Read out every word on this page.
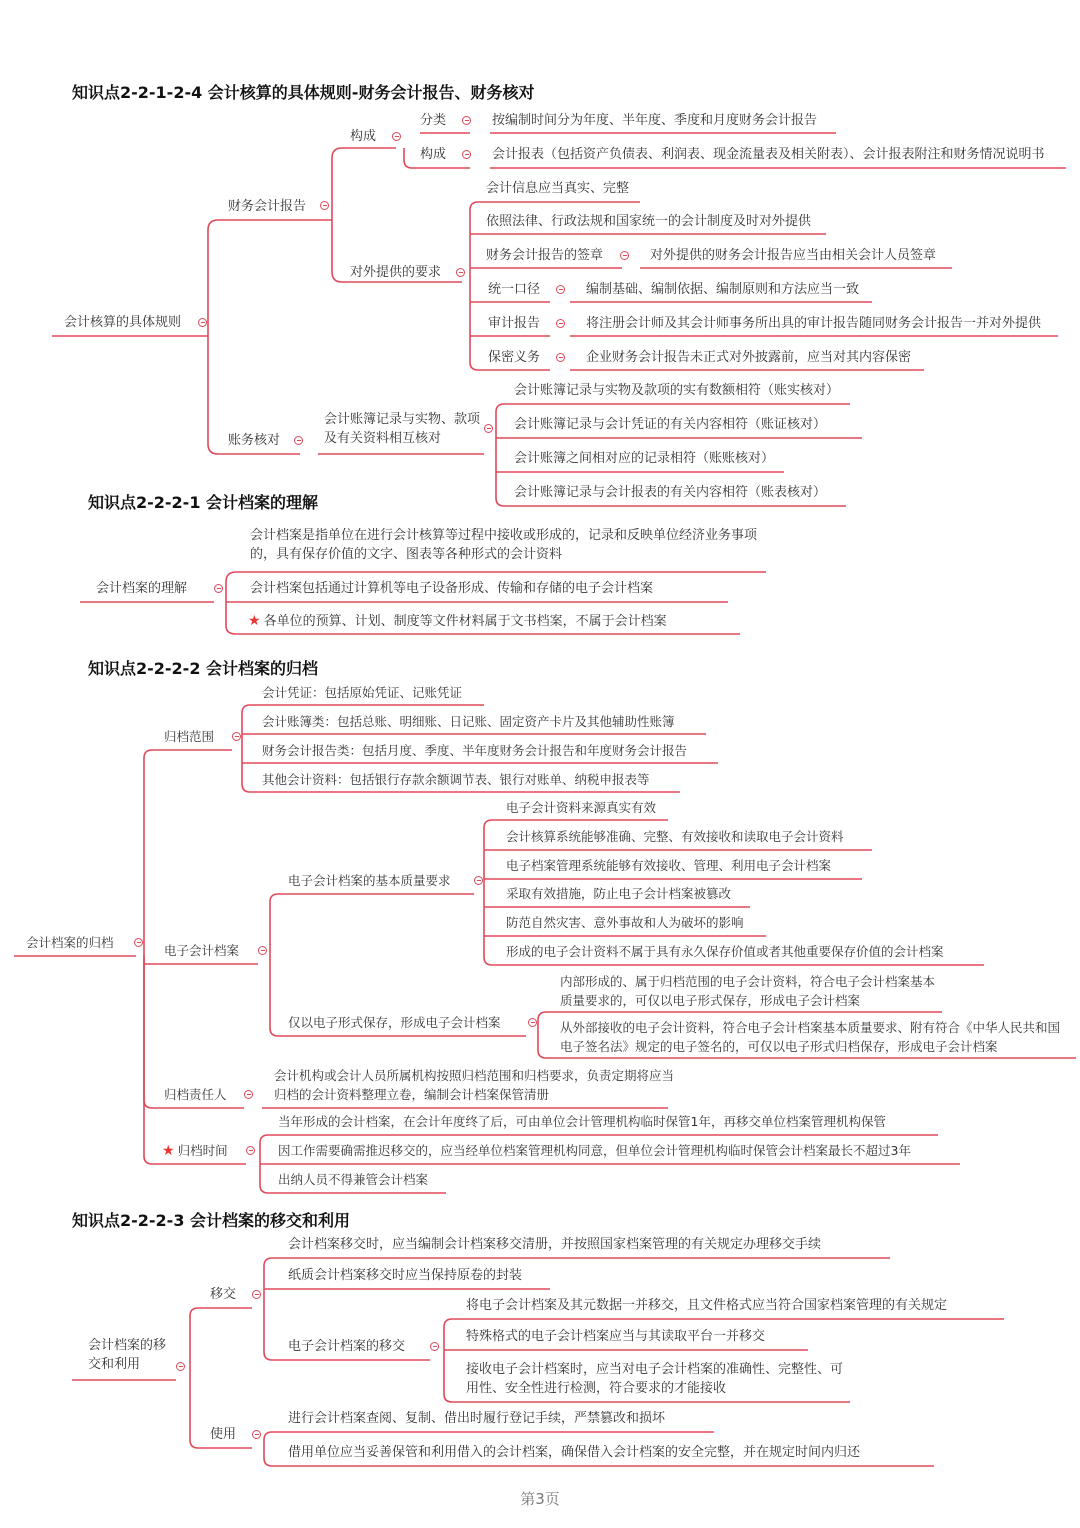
知识点2-2-1-2-4 会计核算的具体规则-财务会计报告、财务核对
会计核算的具体规则
财务会计报告
构成
分类	按编制时间分为年度、半年度、季度和月度财务会计报告
构成	会计报表（包括资产负债表、利润表、现金流量表及相关附表）、会计报表附注和财务情况说明书
对外提供的要求
会计信息应当真实、完整
依照法律、行政法规和国家统一的会计制度及时对外提供
财务会计报告的签章	对外提供的财务会计报告应当由相关会计人员签章
统一口径	编制基础、编制依据、编制原则和方法应当一致
审计报告	将注册会计师及其会计师事务所出具的审计报告随同财务会计报告一并对外提供
保密义务	企业财务会计报告未正式对外披露前，应当对其内容保密
账务核对
会计账簿记录与实物、款项及有关资料相互核对
会计账簿记录与实物及款项的实有数额相符（账实核对）
会计账簿记录与会计凭证的有关内容相符（账证核对）
会计账簿之间相对应的记录相符（账账核对）
会计账簿记录与会计报表的有关内容相符（账表核对）
知识点2-2-2-1 会计档案的理解
会计档案的理解
会计档案是指单位在进行会计核算等过程中接收或形成的，记录和反映单位经济业务事项的，具有保存价值的文字、图表等各种形式的会计资料
会计档案包括通过计算机等电子设备形成、传输和存储的电子会计档案
★ 各单位的预算、计划、制度等文件材料属于文书档案，不属于会计档案
知识点2-2-2-2 会计档案的归档
会计档案的归档
归档范围
会计凭证：包括原始凭证、记账凭证
会计账簿类：包括总账、明细账、日记账、固定资产卡片及其他辅助性账簿
财务会计报告类：包括月度、季度、半年度财务会计报告和年度财务会计报告
其他会计资料：包括银行存款余额调节表、银行对账单、纳税申报表等
电子会计档案
电子会计档案的基本质量要求
电子会计资料来源真实有效
会计核算系统能够准确、完整、有效接收和读取电子会计资料
电子档案管理系统能够有效接收、管理、利用电子会计档案
采取有效措施，防止电子会计档案被篡改
防范自然灾害、意外事故和人为破坏的影响
形成的电子会计资料不属于具有永久保存价值或者其他重要保存价值的会计档案
仅以电子形式保存，形成电子会计档案
内部形成的、属于归档范围的电子会计资料，符合电子会计档案基本质量要求的，可仅以电子形式保存，形成电子会计档案
从外部接收的电子会计资料，符合电子会计档案基本质量要求、附有符合《中华人民共和国电子签名法》规定的电子签名的，可仅以电子形式归档保存，形成电子会计档案
归档责任人
会计机构或会计人员所属机构按照归档范围和归档要求，负责定期将应当归档的会计资料整理立卷，编制会计档案保管清册
★ 归档时间
当年形成的会计档案，在会计年度终了后，可由单位会计管理机构临时保管1年，再移交单位档案管理机构保管
因工作需要确需推迟移交的，应当经单位档案管理机构同意，但单位会计管理机构临时保管会计档案最长不超过3年
出纳人员不得兼管会计档案
知识点2-2-2-3 会计档案的移交和利用
会计档案的移交和利用
移交
会计档案移交时，应当编制会计档案移交清册，并按照国家档案管理的有关规定办理移交手续
纸质会计档案移交时应当保持原卷的封装
电子会计档案的移交
将电子会计档案及其元数据一并移交，且文件格式应当符合国家档案管理的有关规定
特殊格式的电子会计档案应当与其读取平台一并移交
接收电子会计档案时，应当对电子会计档案的准确性、完整性、可用性、安全性进行检测，符合要求的才能接收
使用
进行会计档案查阅、复制、借出时履行登记手续，严禁篡改和损坏
借用单位应当妥善保管和利用借入的会计档案，确保借入会计档案的安全完整，并在规定时间内归还
第3页
